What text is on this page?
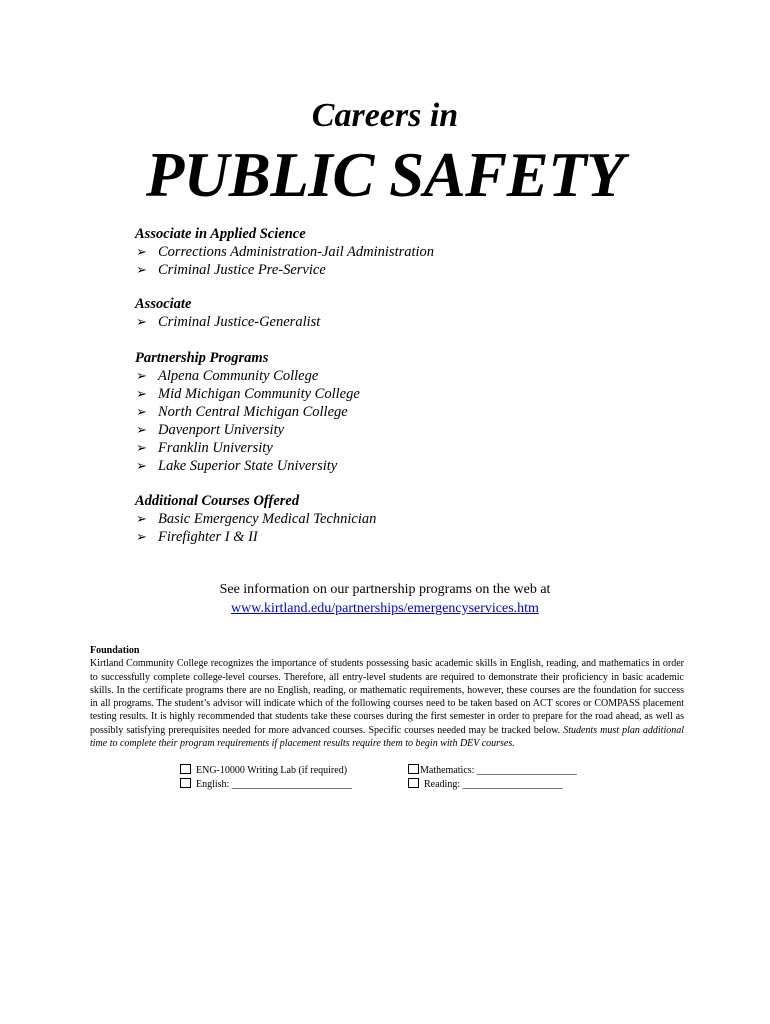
Careers in
PUBLIC SAFETY
Associate in Applied Science
➢ Corrections Administration-Jail Administration
➢ Criminal Justice Pre-Service
Associate
➢ Criminal Justice-Generalist
Partnership Programs
➢ Alpena Community College
➢ Mid Michigan Community College
➢ North Central Michigan College
➢ Davenport University
➢ Franklin University
➢ Lake Superior State University
Additional Courses Offered
➢ Basic Emergency Medical Technician
➢ Firefighter I & II
See information on our partnership programs on the web at
www.kirtland.edu/partnerships/emergencyservices.htm
Foundation

Kirtland Community College recognizes the importance of students possessing basic academic skills in English, reading, and mathematics in order to successfully complete college-level courses. Therefore, all entry-level students are required to demonstrate their proficiency in basic academic skills. In the certificate programs there are no English, reading, or mathematic requirements, however, these courses are the foundation for success in all programs. The student’s advisor will indicate which of the following courses need to be taken based on ACT scores or COMPASS placement testing results. It is highly recommended that students take these courses during the first semester in order to prepare for the road ahead, as well as possibly satisfying prerequisites needed for more advanced courses. Specific courses needed may be tracked below. Students must plan additional time to complete their program requirements if placement results require them to begin with DEV courses.

ENG-10000 Writing Lab (if required)	Mathematics: ____________________
English: ________________________	Reading: ____________________
